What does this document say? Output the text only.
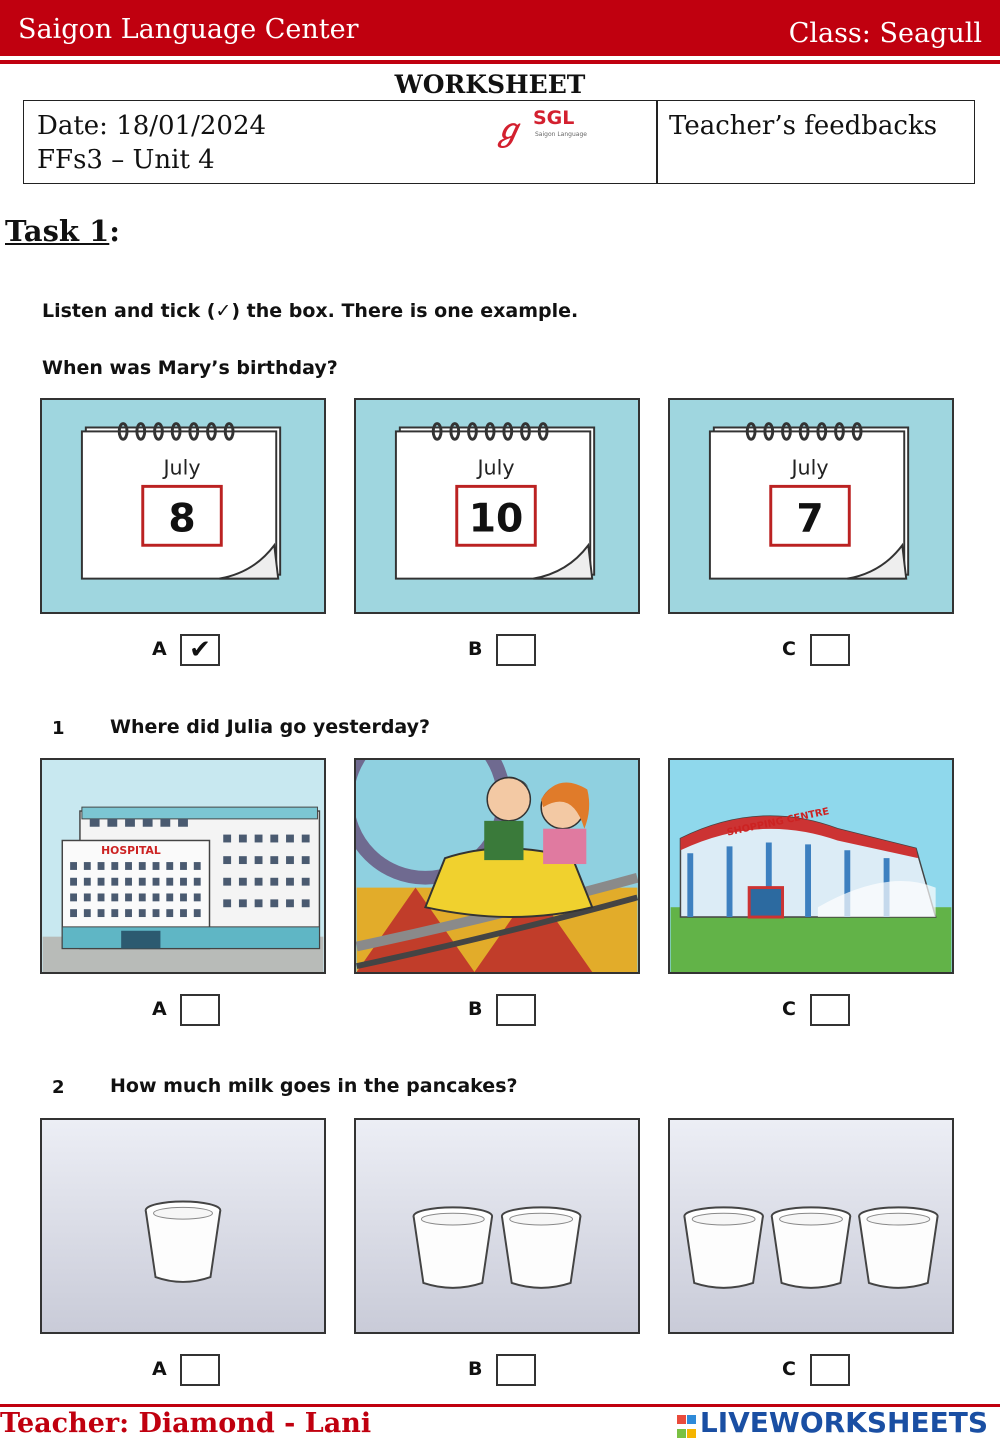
Saigon Language Center	Class: Seagull
WORKSHEET
Date: 18/01/2024
FFs3 – Unit 4
ℊ SGL
Saigon Language	Teacher’s feedbacks
Task 1:
Listen and tick (✓) the box. There is one example.
When was Mary’s birthday?
July
8
July
10
July
7
A ✔	B	C
1 Where did Julia go yesterday?
HOSPITAL
SHOPPING CENTRE
A	B	C
2 How much milk goes in the pancakes?
A	B	C
Teacher: Diamond - Lani	LIVEWORKSHEETS
